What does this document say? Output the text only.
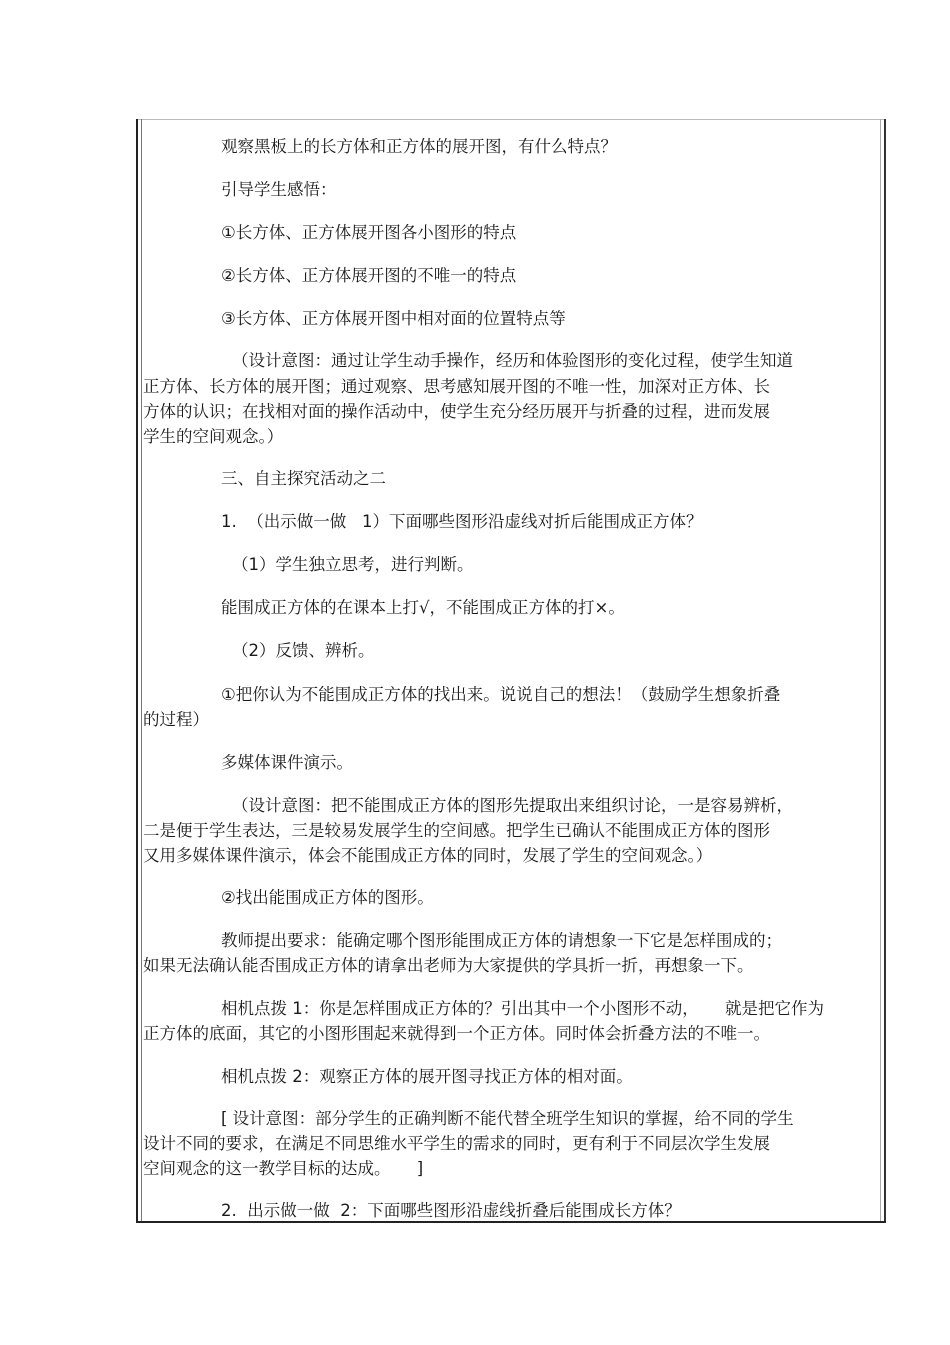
观察黑板上的长方体和正方体的展开图，有什么特点？

引导学生感悟：

①长方体、正方体展开图各小图形的特点

②长方体、正方体展开图的不唯一的特点

③长方体、正方体展开图中相对面的位置特点等

（设计意图：通过让学生动手操作，经历和体验图形的变化过程，使学生知道

正方体、长方体的展开图；通过观察、思考感知展开图的不唯一性，加深对正方体、长

方体的认识；在找相对面的操作活动中，使学生充分经历展开与折叠的过程，进而发展

学生的空间观念。）

三、自主探究活动之二

1.  （出示做一做   1）下面哪些图形沿虚线对折后能围成正方体？

（1）学生独立思考，进行判断。

能围成正方体的在课本上打√，不能围成正方体的打×。

（2）反馈、辨析。

①把你认为不能围成正方体的找出来。说说自己的想法！（鼓励学生想象折叠

的过程）

多媒体课件演示。

（设计意图：把不能围成正方体的图形先提取出来组织讨论，一是容易辨析，

二是便于学生表达，三是较易发展学生的空间感。把学生已确认不能围成正方体的图形

又用多媒体课件演示，体会不能围成正方体的同时，发展了学生的空间观念。）

②找出能围成正方体的图形。

教师提出要求：能确定哪个图形能围成正方体的请想象一下它是怎样围成的；

如果无法确认能否围成正方体的请拿出老师为大家提供的学具折一折，再想象一下。

相机点拨 1：你是怎样围成正方体的？引出其中一个小图形不动，     就是把它作为

正方体的底面，其它的小图形围起来就得到一个正方体。同时体会折叠方法的不唯一。

相机点拨 2：观察正方体的展开图寻找正方体的相对面。

[ 设计意图：部分学生的正确判断不能代替全班学生知识的掌握，给不同的学生

设计不同的要求，在满足不同思维水平学生的需求的同时，更有利于不同层次学生发展

空间观念的这一教学目标的达成。     ]

2.  出示做一做  2：下面哪些图形沿虚线折叠后能围成长方体？
